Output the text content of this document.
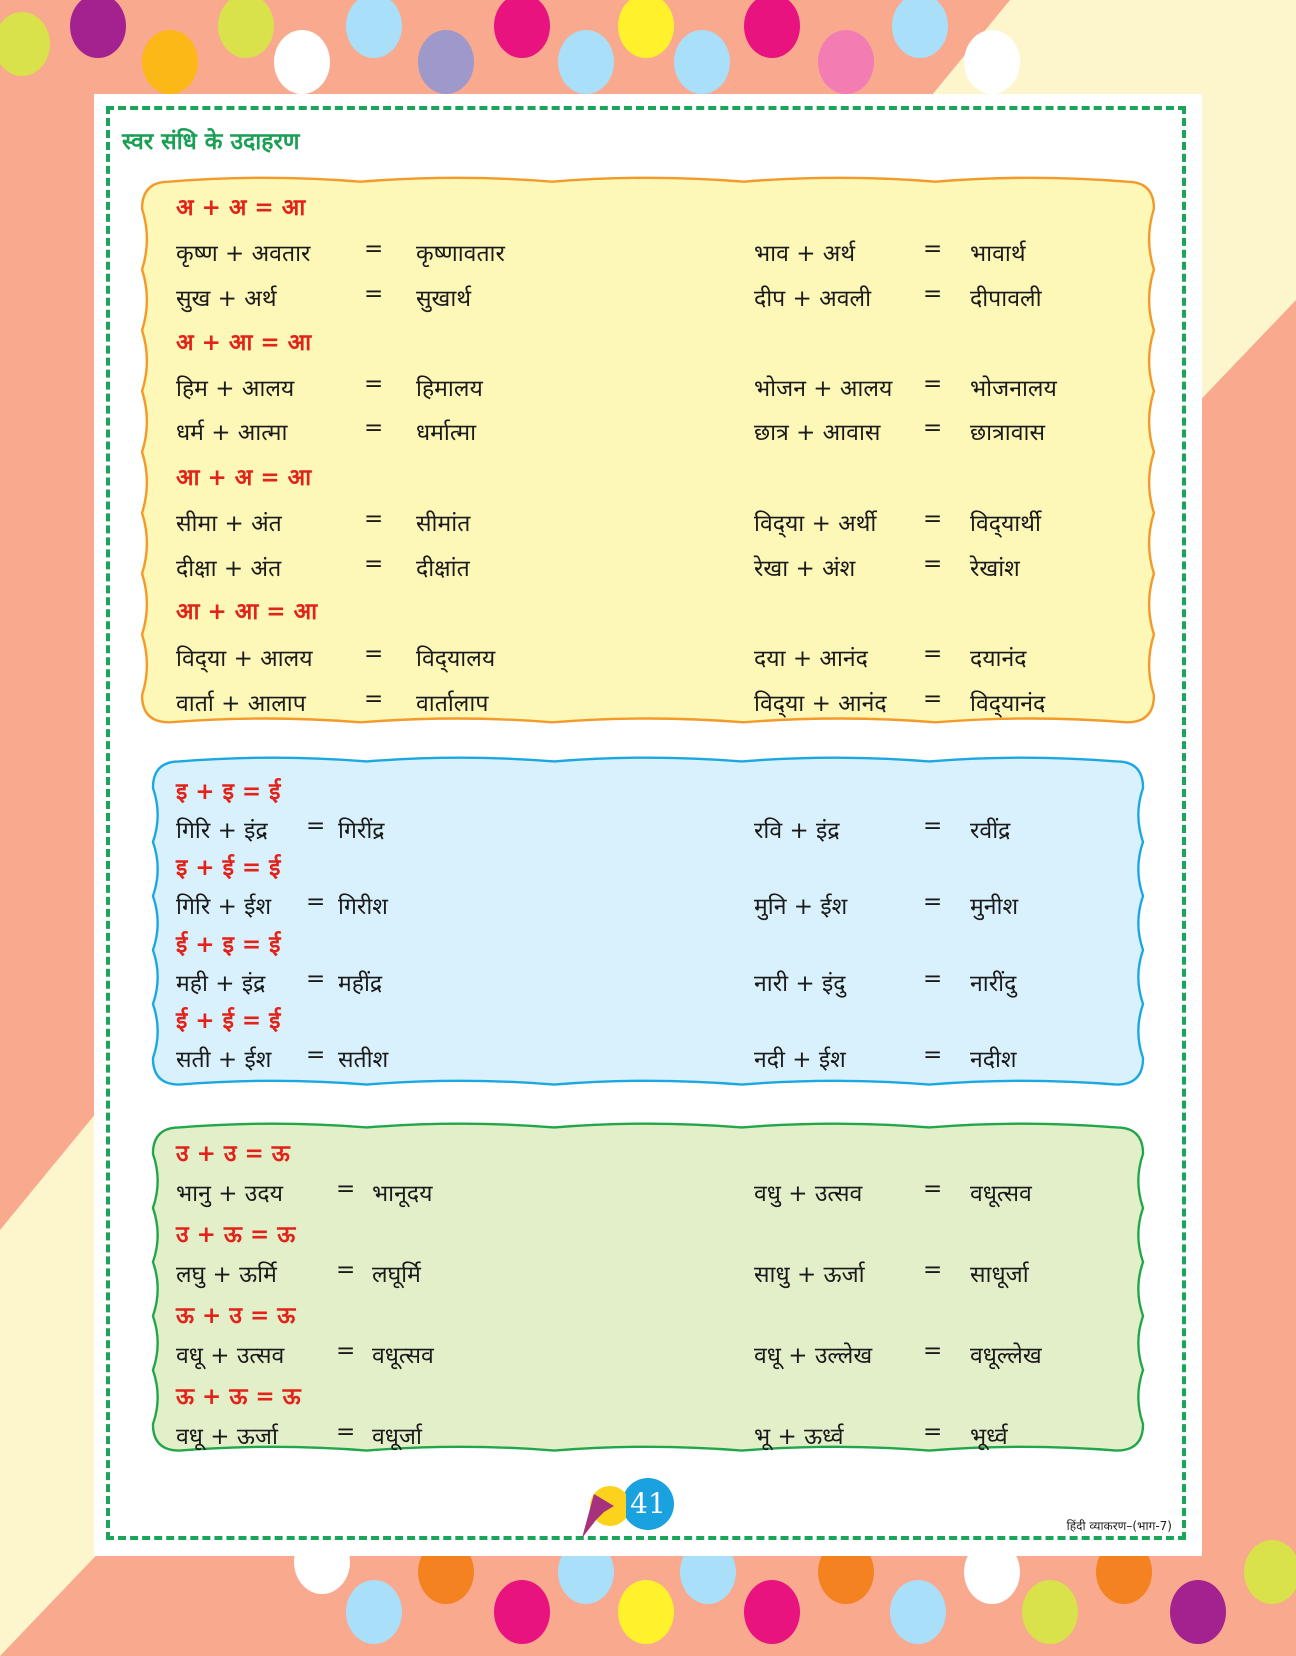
स्वर संधि के उदाहरण
अ + अ = आ
कृष्ण + अवतार = कृष्णावतार	भाव + अर्थ	= भावार्थ
सुख + अर्थ	= सुखार्थ	दीप + अवली = दीपावली
अ + आ = आ
हिम + आलय	= हिमालय	भोजन + आलय = भोजनालय
धर्म + आत्मा	= धर्मात्मा	छात्र + आवास = छात्रावास
आ + अ = आ
सीमा + अंत	= सीमांत	विद्‌या + अर्थी = विद्‌यार्थी
दीक्षा + अंत	= दीक्षांत	रेखा + अंश	= रेखांश
आ + आ = आ
विद्‌या + आलय = विद्‌यालय	दया + आनंद = दयानंद
वार्ता + आलाप	= वार्तालाप	विद्‌या + आनंद = विद्‌यानंद
इ + इ = ई
गिरि + इंद्र = गिरींद्र	रवि + इंद्र	= रवींद्र
इ + ई = ई
गिरि + ईश = गिरीश	मुनि + ईश	= मुनीश
ई + इ = ई
मही + इंद्र = महींद्र	नारी + इंदु	= नारींदु
ई + ई = ई
सती + ईश = सतीश	नदी + ईश	= नदीश
उ + उ = ऊ
भानु + उदय = भानूदय	वधु + उत्सव	= वधूत्सव
उ + ऊ = ऊ
लघु + ऊर्मि	= लघूर्मि	साधु + ऊर्जा	= साधूर्जा
ऊ + उ = ऊ
वधू + उत्सव = वधूत्सव	वधू + उल्लेख = वधूल्लेख
ऊ + ऊ = ऊ
वधू + ऊर्जा	= वधूर्जा	भू + ऊर्ध्व	= भूर्ध्व
41
हिंदी व्याकरण–(भाग-7)
